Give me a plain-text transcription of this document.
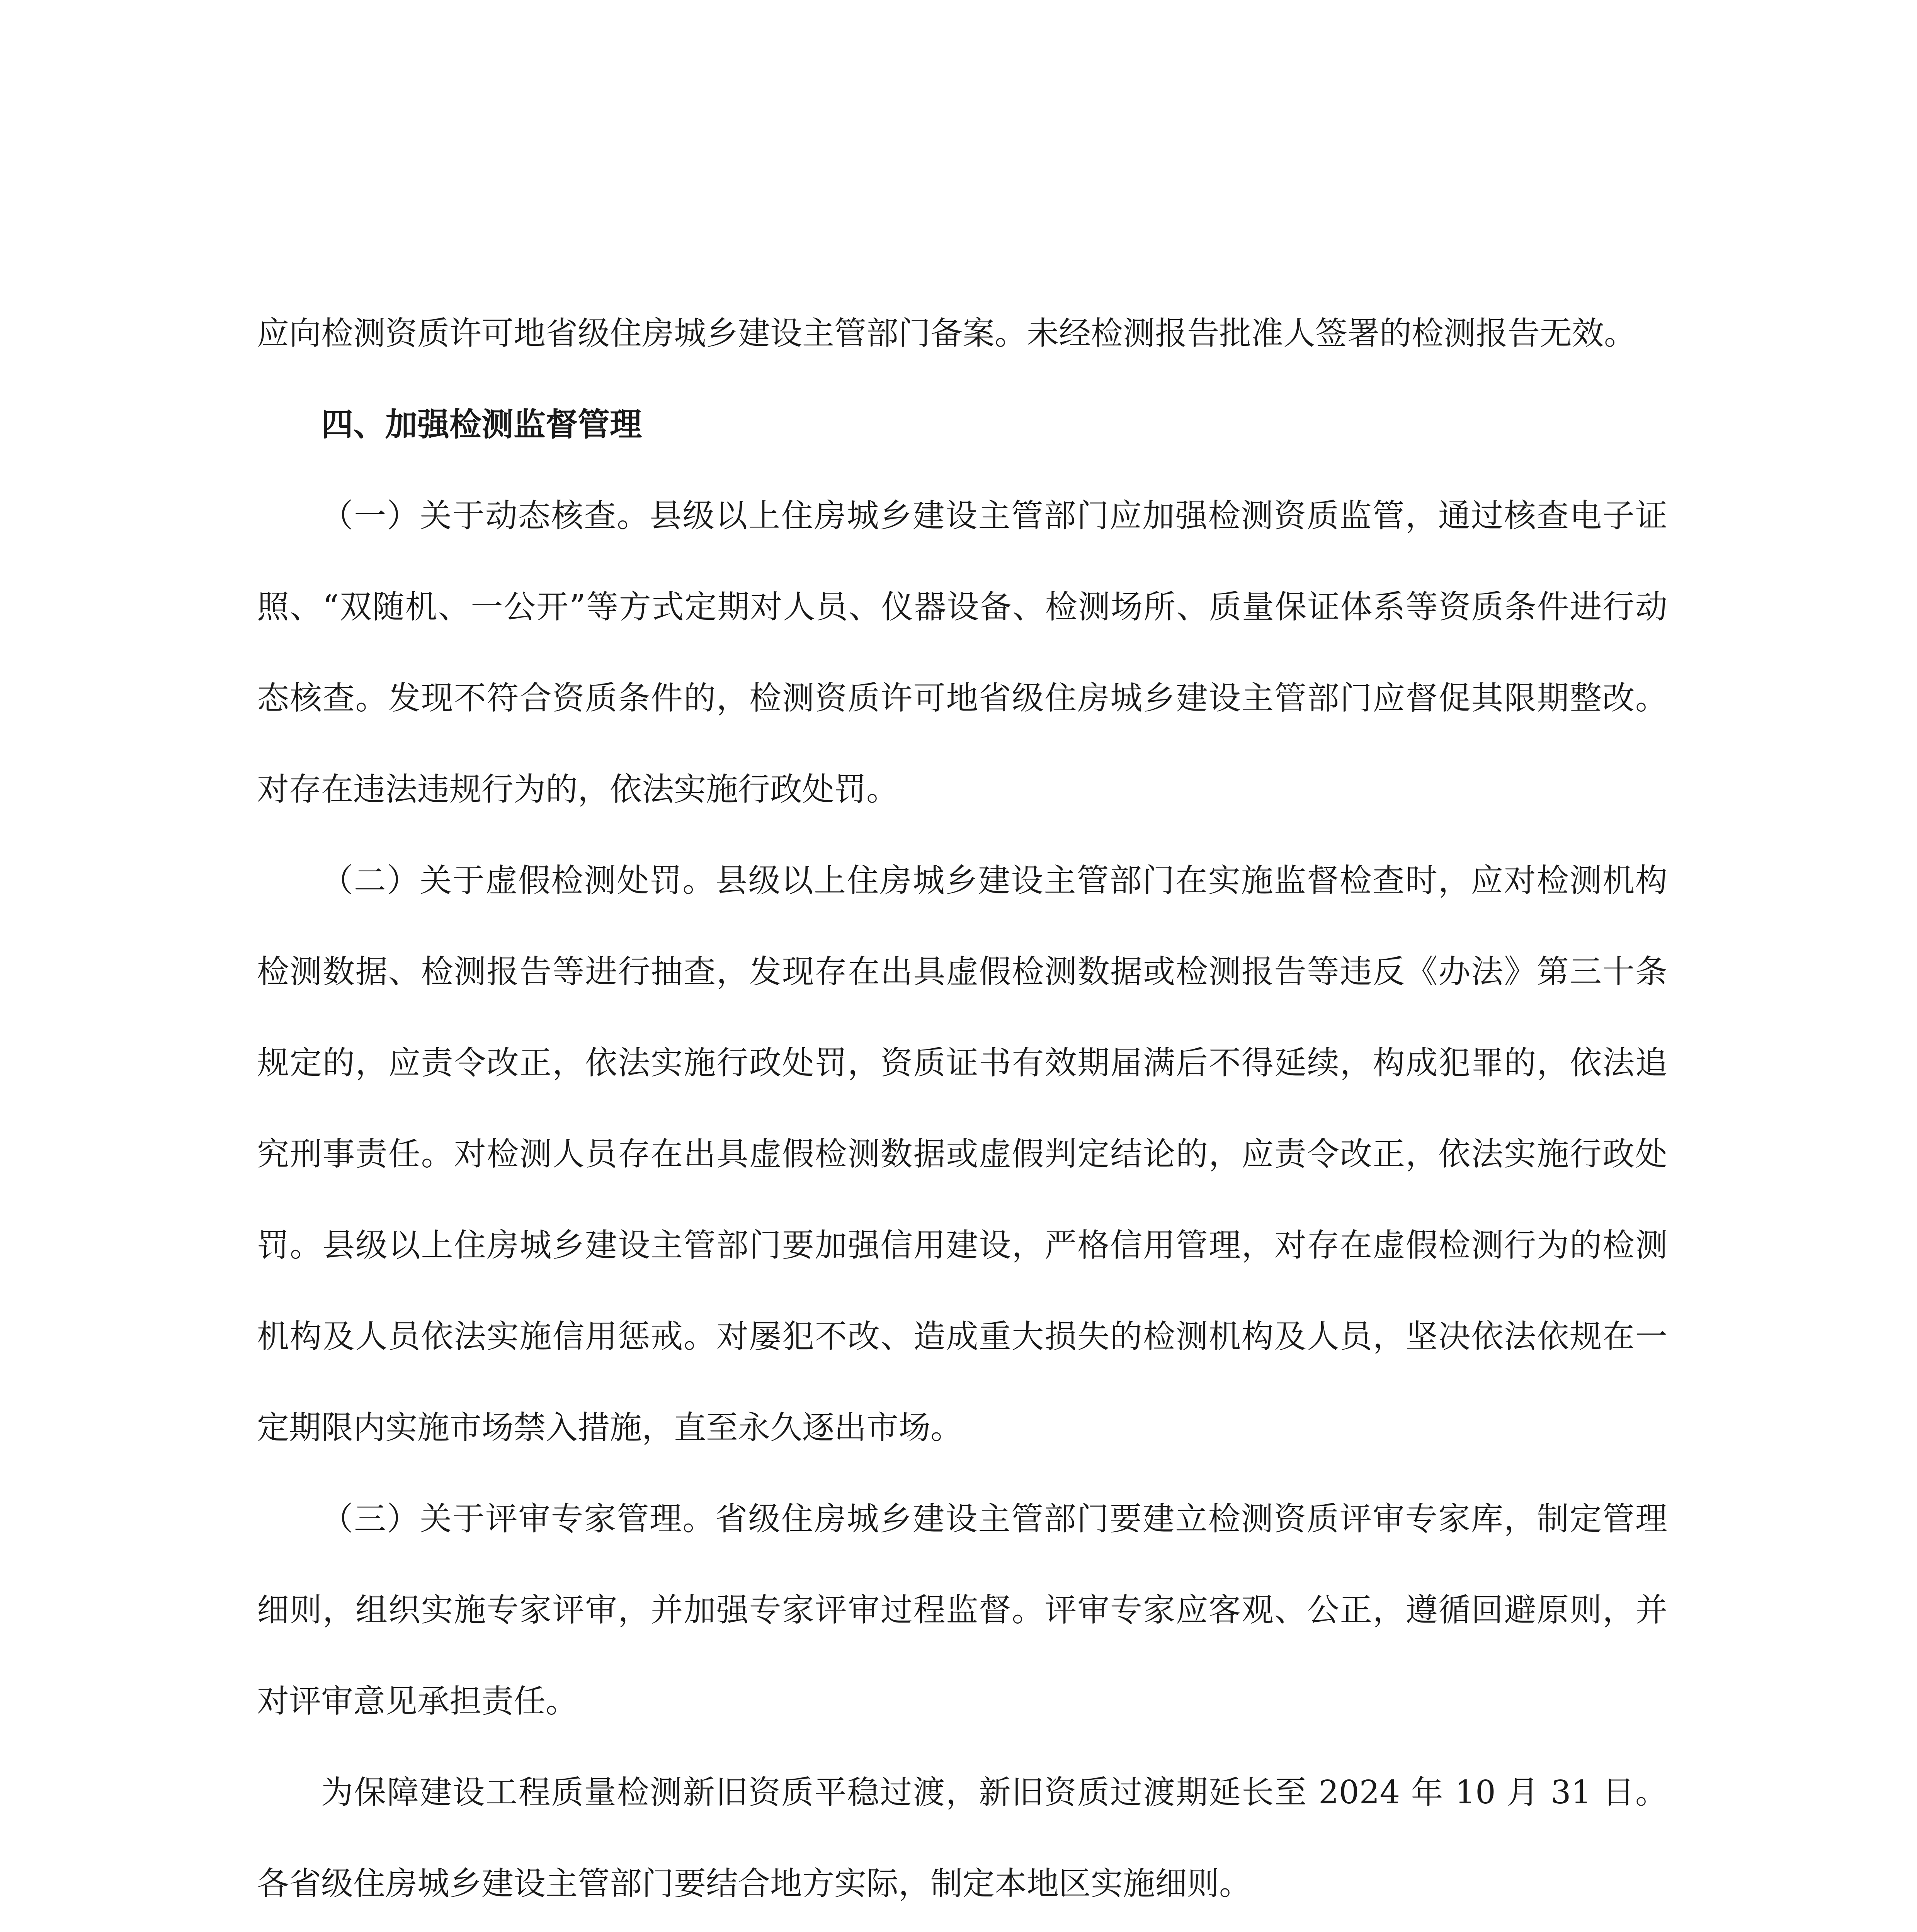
应向检测资质许可地省级住房城乡建设主管部门备案。未经检测报告批准人签署的检测报告无效。

四、加强检测监督管理

（一）关于动态核查。县级以上住房城乡建设主管部门应加强检测资质监管，通过核查电子证照、“双随机、一公开”等方式定期对人员、仪器设备、检测场所、质量保证体系等资质条件进行动态核查。发现不符合资质条件的，检测资质许可地省级住房城乡建设主管部门应督促其限期整改。对存在违法违规行为的，依法实施行政处罚。

（二）关于虚假检测处罚。县级以上住房城乡建设主管部门在实施监督检查时，应对检测机构检测数据、检测报告等进行抽查，发现存在出具虚假检测数据或检测报告等违反《办法》第三十条规定的，应责令改正，依法实施行政处罚，资质证书有效期届满后不得延续，构成犯罪的，依法追究刑事责任。对检测人员存在出具虚假检测数据或虚假判定结论的，应责令改正，依法实施行政处罚。县级以上住房城乡建设主管部门要加强信用建设，严格信用管理，对存在虚假检测行为的检测机构及人员依法实施信用惩戒。对屡犯不改、造成重大损失的检测机构及人员，坚决依法依规在一定期限内实施市场禁入措施，直至永久逐出市场。

（三）关于评审专家管理。省级住房城乡建设主管部门要建立检测资质评审专家库，制定管理细则，组织实施专家评审，并加强专家评审过程监督。评审专家应客观、公正，遵循回避原则，并对评审意见承担责任。

为保障建设工程质量检测新旧资质平稳过渡，新旧资质过渡期延长至 2024 年 10 月 31 日。各省级住房城乡建设主管部门要结合地方实际，制定本地区实施细则。
